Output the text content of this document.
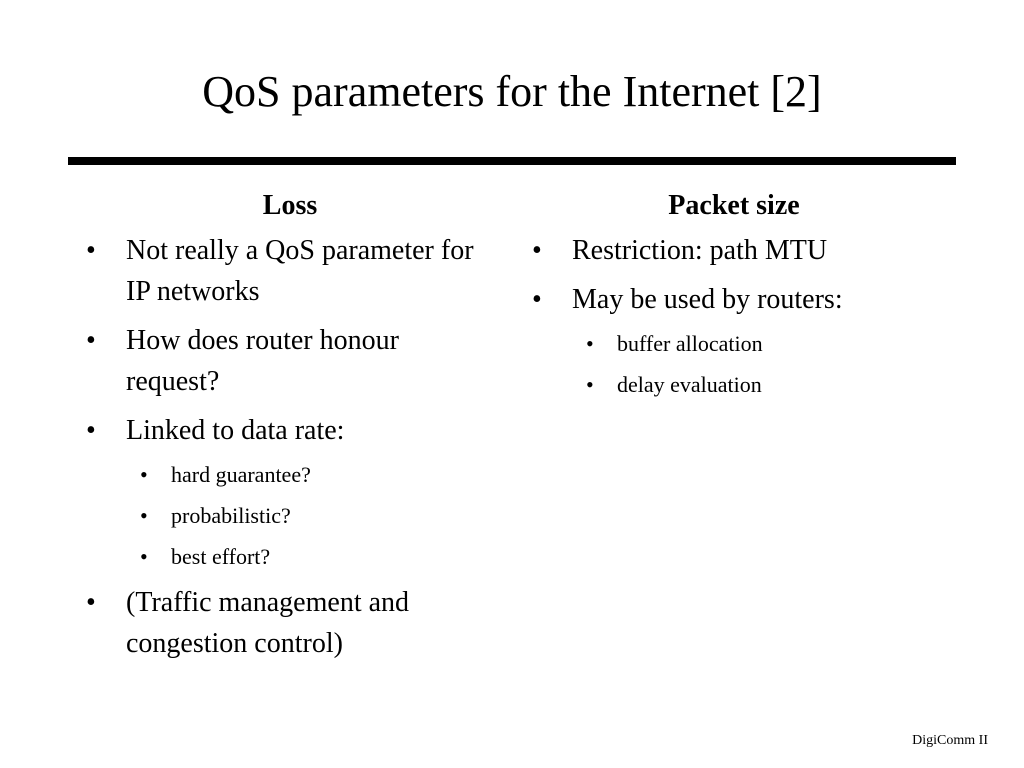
QoS parameters for the Internet [2]
Loss
• Not really a QoS parameter for IP networks
• How does router honour request?
• Linked to data rate:
• hard guarantee?
• probabilistic?
• best effort?
• (Traffic management and congestion control)
Packet size
• Restriction: path MTU
• May be used by routers:
• buffer allocation
• delay evaluation
DigiComm II
